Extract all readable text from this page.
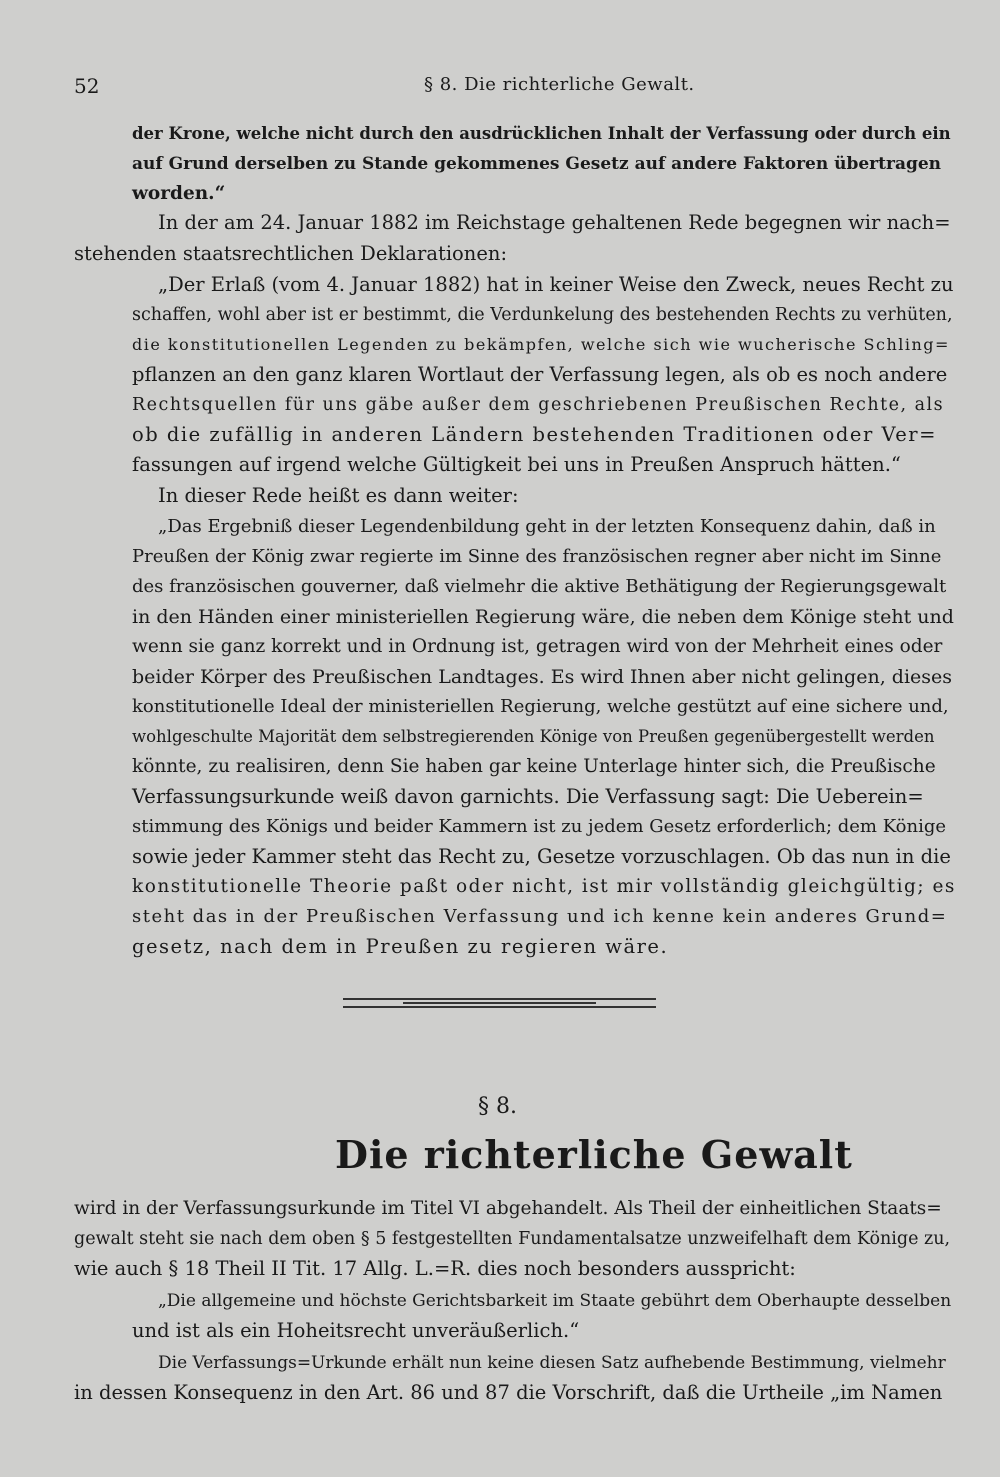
52	§ 8. Die richterliche Gewalt.
der Krone, welche nicht durch den ausdrücklichen Inhalt der Verfassung oder durch ein
auf Grund derselben zu Stande gekommenes Gesetz auf andere Faktoren übertragen
worden.“
In der am 24. Januar 1882 im Reichstage gehaltenen Rede begegnen wir nach=
stehenden staatsrechtlichen Deklarationen:
„Der Erlaß (vom 4. Januar 1882) hat in keiner Weise den Zweck, neues Recht zu
schaffen, wohl aber ist er bestimmt, die Verdunkelung des bestehenden Rechts zu verhüten,
die konstitutionellen Legenden zu bekämpfen, welche sich wie wucherische Schling=
pflanzen an den ganz klaren Wortlaut der Verfassung legen, als ob es noch andere
Rechtsquellen für uns gäbe außer dem geschriebenen Preußischen Rechte, als
ob die zufällig in anderen Ländern bestehenden Traditionen oder Ver=
fassungen auf irgend welche Gültigkeit bei uns in Preußen Anspruch hätten.“
In dieser Rede heißt es dann weiter:
„Das Ergebniß dieser Legendenbildung geht in der letzten Konsequenz dahin, daß in
Preußen der König zwar regierte im Sinne des französischen regner aber nicht im Sinne
des französischen gouverner, daß vielmehr die aktive Bethätigung der Regierungsgewalt
in den Händen einer ministeriellen Regierung wäre, die neben dem Könige steht und
wenn sie ganz korrekt und in Ordnung ist, getragen wird von der Mehrheit eines oder
beider Körper des Preußischen Landtages. Es wird Ihnen aber nicht gelingen, dieses
konstitutionelle Ideal der ministeriellen Regierung, welche gestützt auf eine sichere und,
wohlgeschulte Majorität dem selbstregierenden Könige von Preußen gegenübergestellt werden
könnte, zu realisiren, denn Sie haben gar keine Unterlage hinter sich, die Preußische
Verfassungsurkunde weiß davon garnichts. Die Verfassung sagt: Die Ueberein=
stimmung des Königs und beider Kammern ist zu jedem Gesetz erforderlich; dem Könige
sowie jeder Kammer steht das Recht zu, Gesetze vorzuschlagen. Ob das nun in die
konstitutionelle Theorie paßt oder nicht, ist mir vollständig gleichgültig; es
steht das in der Preußischen Verfassung und ich kenne kein anderes Grund=
gesetz, nach dem in Preußen zu regieren wäre.
§ 8.
Die richterliche Gewalt
wird in der Verfassungsurkunde im Titel VI abgehandelt. Als Theil der einheitlichen Staats=
gewalt steht sie nach dem oben § 5 festgestellten Fundamentalsatze unzweifelhaft dem Könige zu,
wie auch § 18 Theil II Tit. 17 Allg. L.=R. dies noch besonders ausspricht:
„Die allgemeine und höchste Gerichtsbarkeit im Staate gebührt dem Oberhaupte desselben
und ist als ein Hoheitsrecht unveräußerlich.“
Die Verfassungs=Urkunde erhält nun keine diesen Satz aufhebende Bestimmung, vielmehr
in dessen Konsequenz in den Art. 86 und 87 die Vorschrift, daß die Urtheile „im Namen
